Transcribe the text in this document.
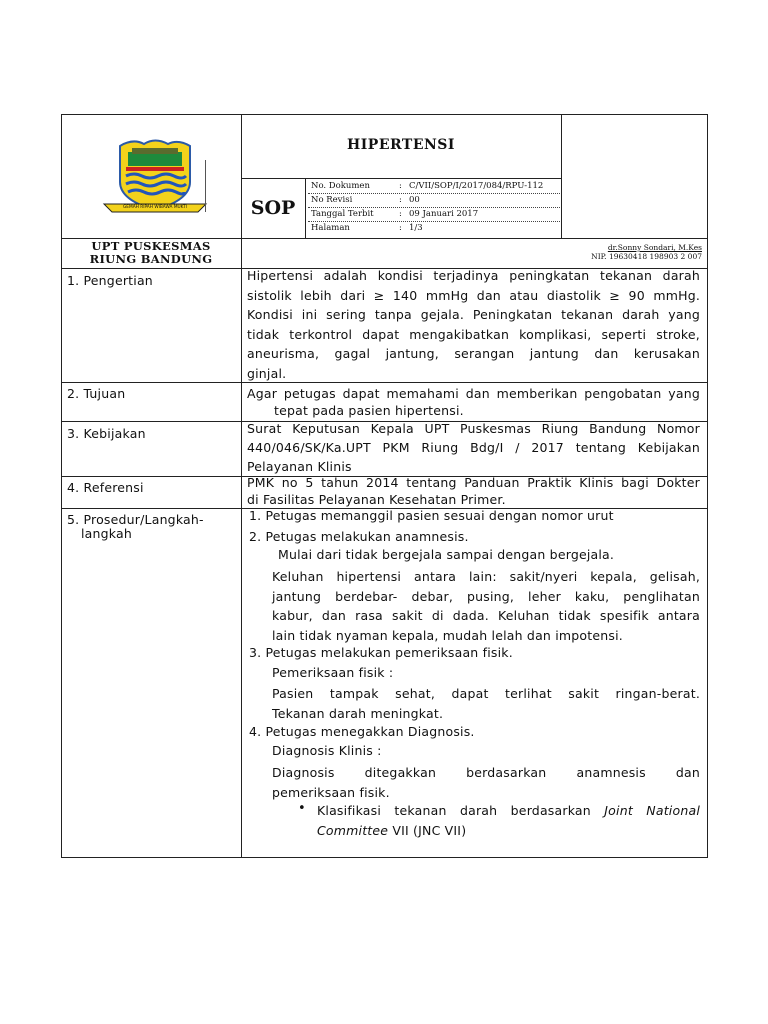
GEMAH RIPAH WIBAWA MUKTI
HIPERTENSI
SOP
No. Dokumen	: C/VII/SOP/I/2017/084/RPU-112
No Revisi	: 00
Tanggal Terbit	: 09 Januari 2017
Halaman	: 1/3
UPT PUSKESMAS
RIUNG BANDUNG
dr.Sonny Sondari, M.Kes
NIP. 19630418 198903 2 007
1. Pengertian	Hipertensi adalah kondisi terjadinya peningkatan tekanan darah
sistolik lebih dari ≥ 140 mmHg dan atau diastolik ≥ 90 mmHg.
Kondisi ini sering tanpa gejala. Peningkatan tekanan darah yang
tidak terkontrol dapat mengakibatkan komplikasi, seperti stroke,
aneurisma, gagal jantung, serangan jantung dan kerusakan
ginjal.
2. Tujuan	Agar petugas dapat memahami dan memberikan pengobatan yang
tepat pada pasien hipertensi.
3. Kebijakan	Surat Keputusan Kepala UPT Puskesmas Riung Bandung Nomor
440/046/SK/Ka.UPT PKM Riung Bdg/I / 2017 tentang Kebijakan
Pelayanan Klinis
4. Referensi	PMK no 5 tahun 2014 tentang Panduan Praktik Klinis bagi Dokter
di Fasilitas Pelayanan Kesehatan Primer.
5. Prosedur/Langkah-
langkah
1. Petugas memanggil pasien sesuai dengan nomor urut
2. Petugas melakukan anamnesis.
Mulai dari tidak bergejala sampai dengan bergejala.
Keluhan hipertensi antara lain: sakit/nyeri kepala, gelisah,
jantung berdebar- debar, pusing, leher kaku, penglihatan
kabur, dan rasa sakit di dada. Keluhan tidak spesifik antara
lain tidak nyaman kepala, mudah lelah dan impotensi.
3. Petugas melakukan pemeriksaan fisik.
Pemeriksaan fisik :
Pasien tampak sehat, dapat terlihat sakit ringan-berat.
Tekanan darah meningkat.
4. Petugas menegakkan Diagnosis.
Diagnosis Klinis :
Diagnosis      ditegakkan      berdasarkan      anamnesis      dan
pemeriksaan fisik.
• Klasifikasi tekanan darah berdasarkan Joint National
Committee VII (JNC VII)
